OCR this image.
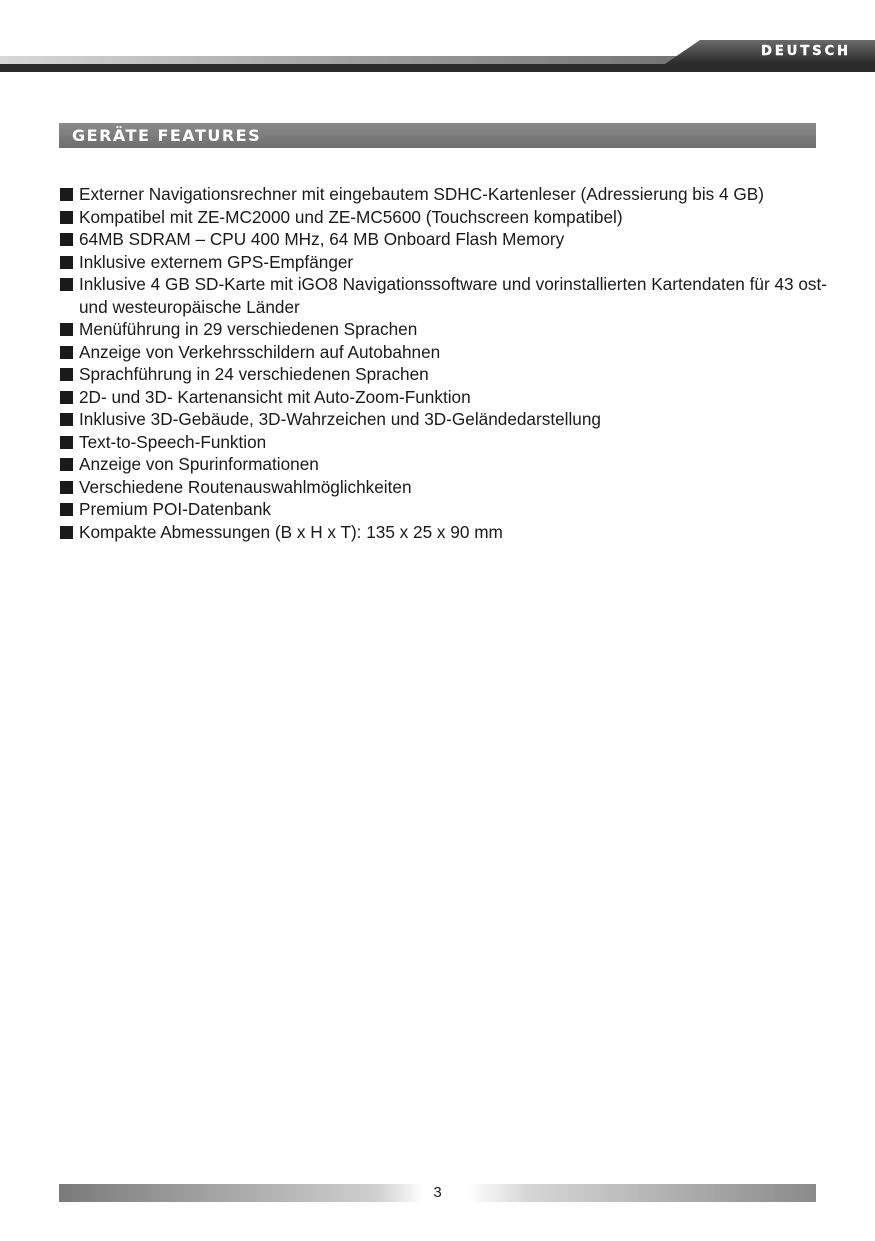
DEUTSCH
GERÄTE FEATURES
Externer Navigationsrechner mit eingebautem SDHC-Kartenleser (Adressierung bis 4 GB)
Kompatibel mit ZE-MC2000 und ZE-MC5600 (Touchscreen kompatibel)
64MB SDRAM – CPU 400 MHz, 64 MB Onboard Flash Memory
Inklusive externem GPS-Empfänger
Inklusive 4 GB SD-Karte mit iGO8 Navigationssoftware und vorinstallierten Kartendaten für 43 ost- und westeuropäische Länder
Menüführung in 29 verschiedenen Sprachen
Anzeige von Verkehrsschildern auf Autobahnen
Sprachführung in 24 verschiedenen Sprachen
2D- und 3D- Kartenansicht mit Auto-Zoom-Funktion
Inklusive 3D-Gebäude, 3D-Wahrzeichen und 3D-Geländedarstellung
Text-to-Speech-Funktion
Anzeige von Spurinformationen
Verschiedene Routenauswahlmöglichkeiten
Premium POI-Datenbank
Kompakte Abmessungen (B x H x T): 135 x 25 x 90 mm
3
